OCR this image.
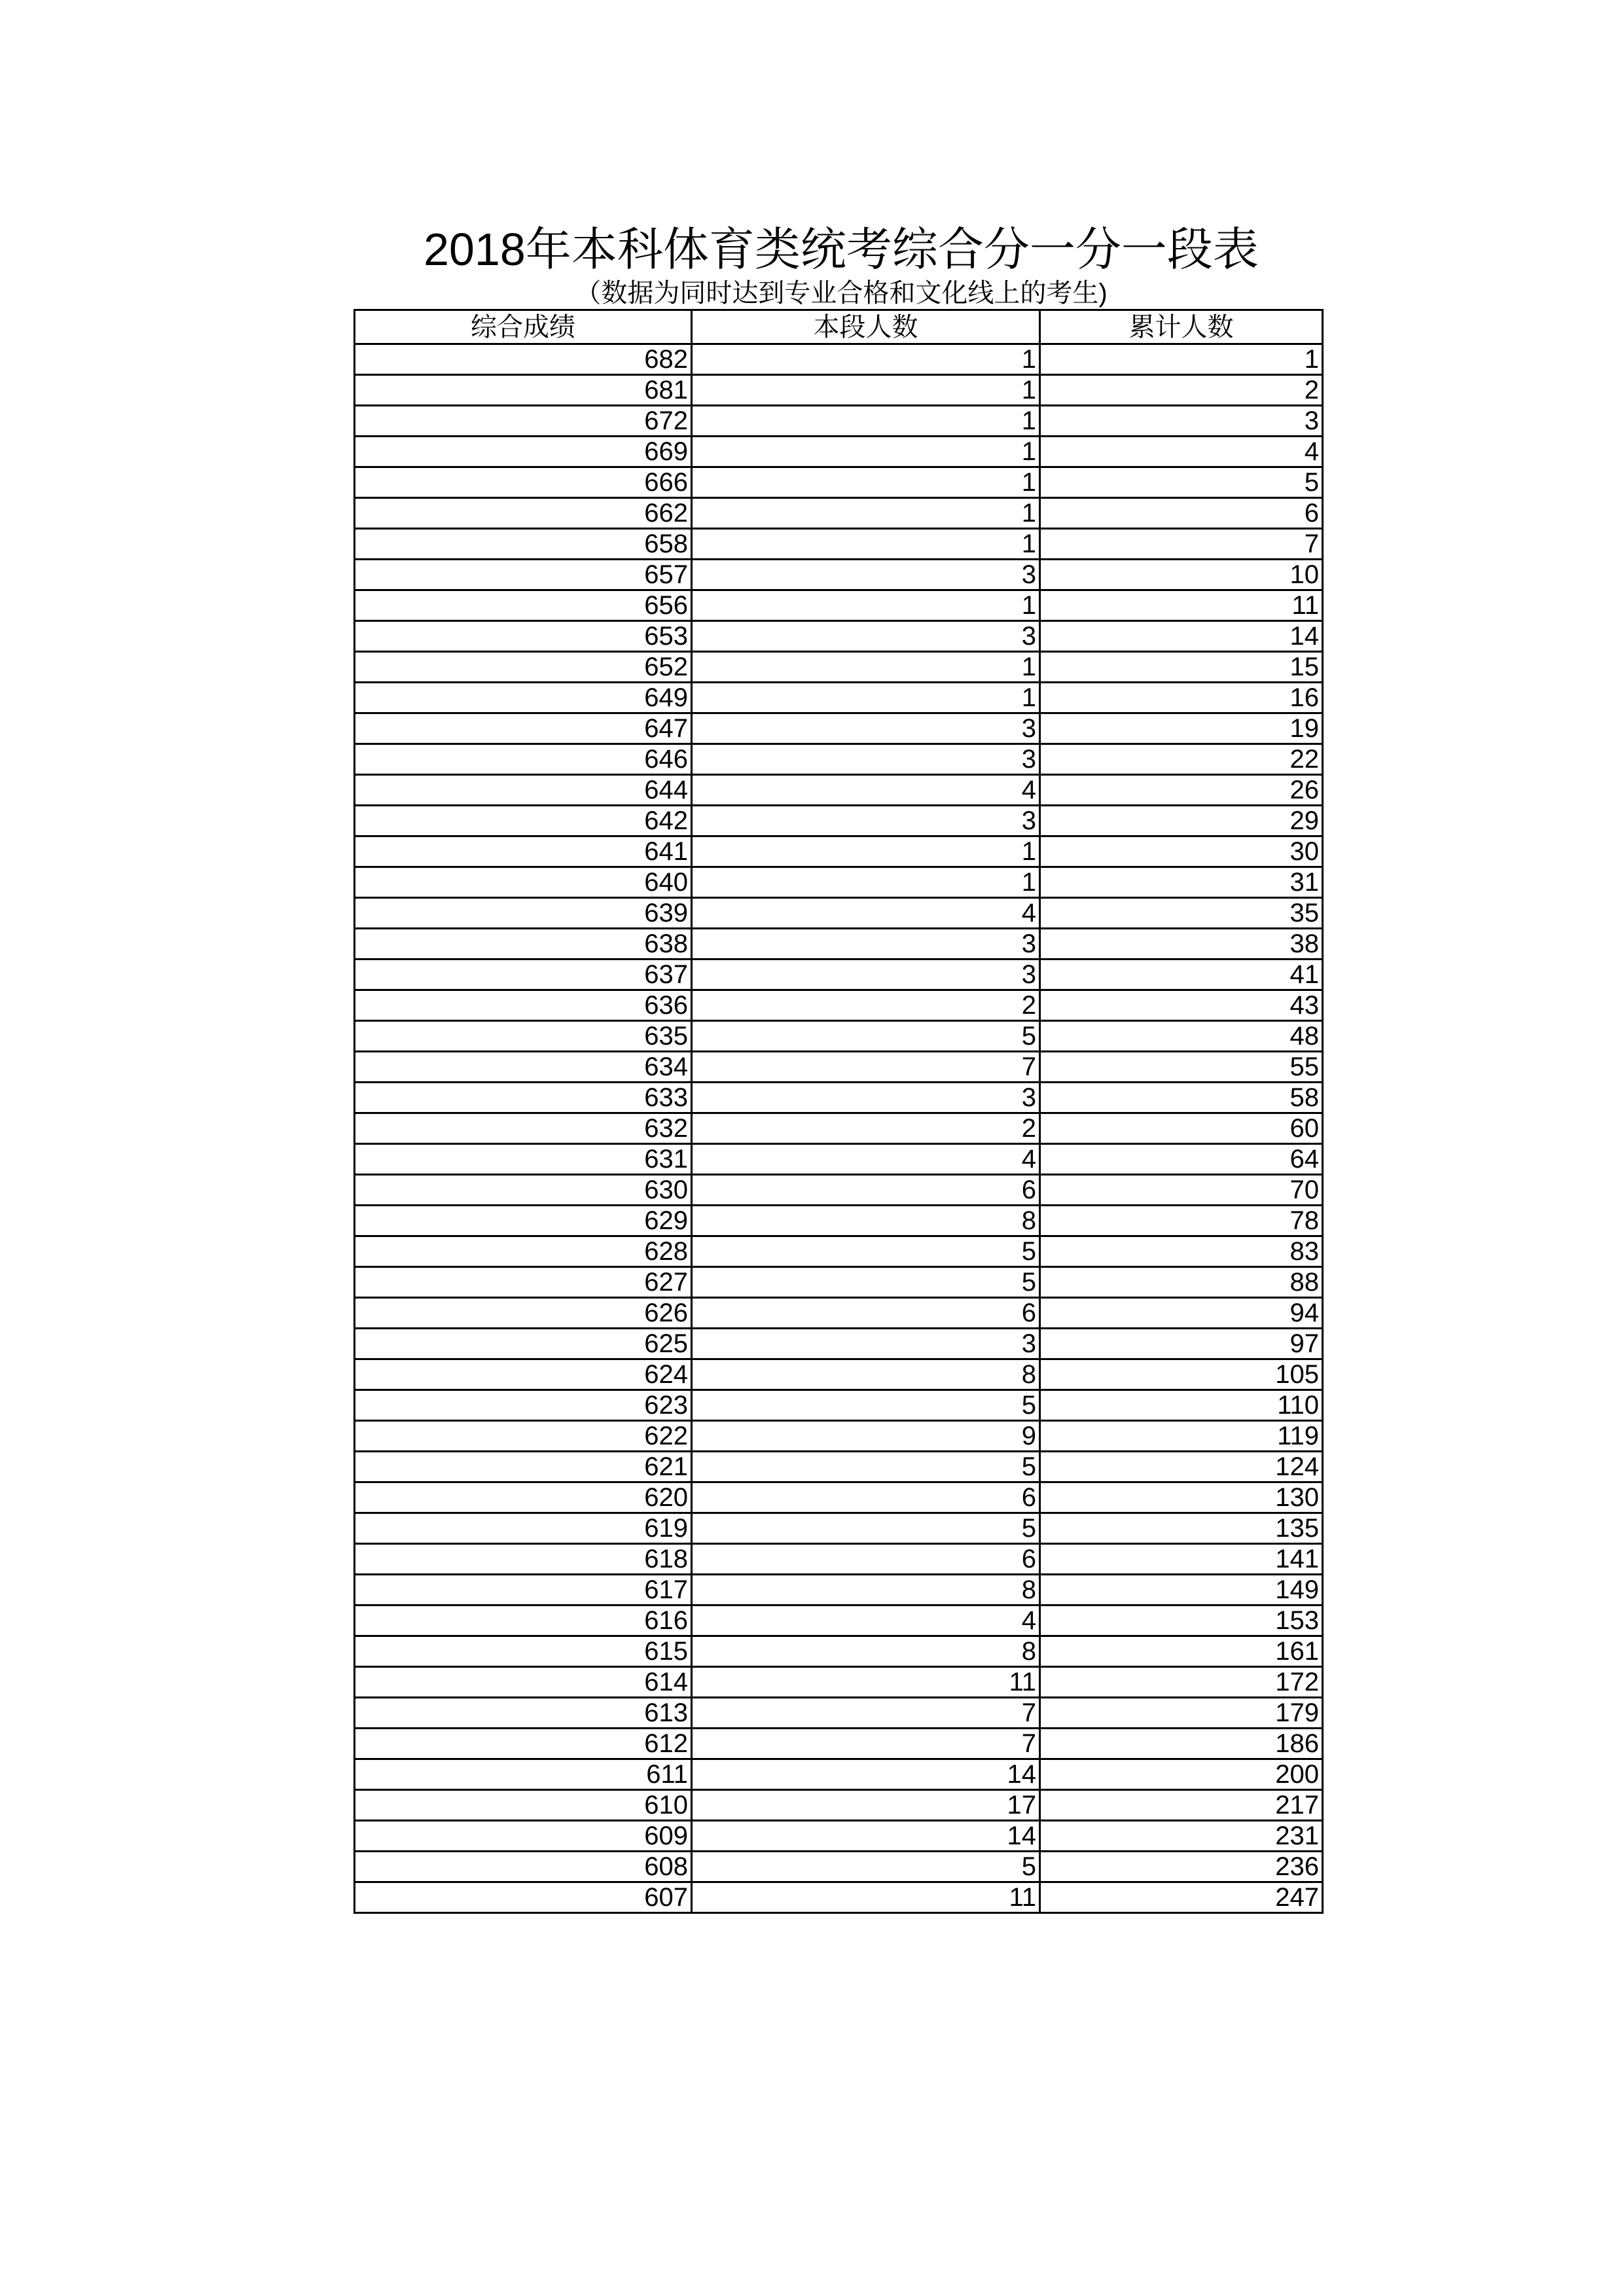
2018年本科体育类统考综合分一分一段表
（数据为同时达到专业合格和文化线上的考生)
综合成绩	本段人数	累计人数
682	1	1
681	1	2
672	1	3
669	1	4
666	1	5
662	1	6
658	1	7
657	3	10
656	1	11
653	3	14
652	1	15
649	1	16
647	3	19
646	3	22
644	4	26
642	3	29
641	1	30
640	1	31
639	4	35
638	3	38
637	3	41
636	2	43
635	5	48
634	7	55
633	3	58
632	2	60
631	4	64
630	6	70
629	8	78
628	5	83
627	5	88
626	6	94
625	3	97
624	8	105
623	5	110
622	9	119
621	5	124
620	6	130
619	5	135
618	6	141
617	8	149
616	4	153
615	8	161
614	11	172
613	7	179
612	7	186
611	14	200
610	17	217
609	14	231
608	5	236
607	11	247
